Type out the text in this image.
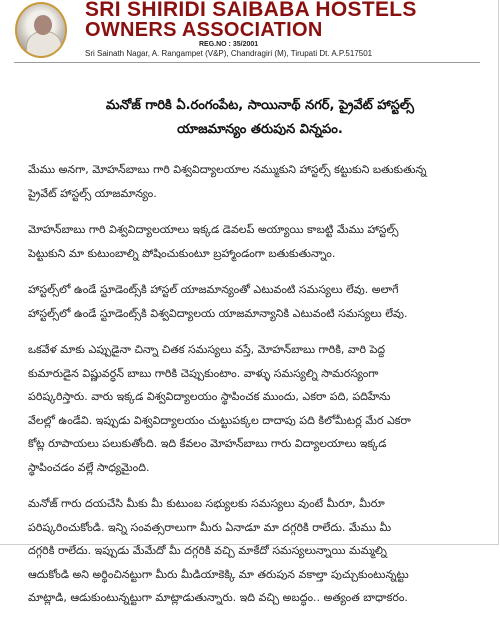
SRI SHIRIDI SAIBABA HOSTELS
OWNERS ASSOCIATION
REG.NO : 35/2001
Sri Sainath Nagar, A. Rangampet (V&P), Chandragiri (M), Tirupati Dt. A.P.517501
మనోజ్ గారికి ఏ.రంగంపేట, సాయినాథ్ నగర్, ప్రైవేట్ హాస్టల్స్
యాజమాన్యం తరుపున విన్నపం.
మేము అనగా, మోహన్‌బాబు గారి విశ్వవిద్యాలయాల నమ్ముకుని హాస్టల్స్ కట్టుకుని బతుకుతున్న
ప్రైవేట్ హాస్టల్స్ యాజమాన్యం.
మోహన్‌బాబు గారి విశ్వవిద్యాలయాలు ఇక్కడ డెవలప్ అయ్యాయి కాబట్టి మేము హాస్టల్స్
పెట్టుకుని మా కుటుంబాల్ని పోషించుకుంటూ బ్రహ్మాండంగా బతుకుతున్నాం.
హాస్టల్స్‌లో ఉండే స్టూడెంట్స్‌కి హాస్టల్ యాజమాన్యంతో ఎటువంటి సమస్యలు లేవు. అలాగే
హాస్టల్స్‌లో ఉండే స్టూడెంట్స్‌కి విశ్వవిద్యాలయ యాజమాన్యానికి ఎటువంటి సమస్యలు లేవు.
ఒకవేళ మాకు ఎప్పుడైనా చిన్నా చితక సమస్యలు వస్తే, మోహన్‌బాబు గారికి, వారి పెద్ద
కుమారుడైన విష్ణువర్ధన్ బాబు గారికి చెప్పుకుంటాం. వాళ్ళు సమస్యల్ని సామరస్యంగా
పరిష్కరిస్తారు. వారు ఇక్కడ విశ్వవిద్యాలయం స్థాపించక ముందు, ఎకరా పది, పదిహేను
వేలల్లో ఉండేవి. ఇప్పుడు విశ్వవిద్యాలయం చుట్టుపక్కల దాదాపు పది కిలోమీటర్ల మేర ఎకరా
కోట్ల రూపాయలు పలుకుతోంది. ఇది కేవలం మోహన్‌బాబు గారు విద్యాలయాలు ఇక్కడ
స్థాపించడం వల్లే సాధ్యమైంది.
మనోజ్ గారు దయచేసి మీకు మీ కుటుంబ సభ్యులకు సమస్యలు వుంటే మీరూ, మీరూ
పరిష్కరించుకోండి. ఇన్ని సంవత్సరాలుగా మీరు ఏనాడూ మా దగ్గరికి రాలేదు. మేము మీ
దగ్గరికి రాలేదు. ఇప్పుడు మేమేదో మీ దగ్గరికి వచ్చి మాకేదో సమస్యలున్నాయి మమ్మల్ని
ఆదుకోండి అని అర్థించినట్టుగా మీరు మీడియాకెక్కి మా తరుపున వకాల్తా పుచ్చుకుంటున్నట్టు
మాట్లాడి, ఆడుకుంటున్నట్టుగా మాట్లాడుతున్నారు. ఇది వచ్చి అబద్ధం.. అత్యంత బాధాకరం.
